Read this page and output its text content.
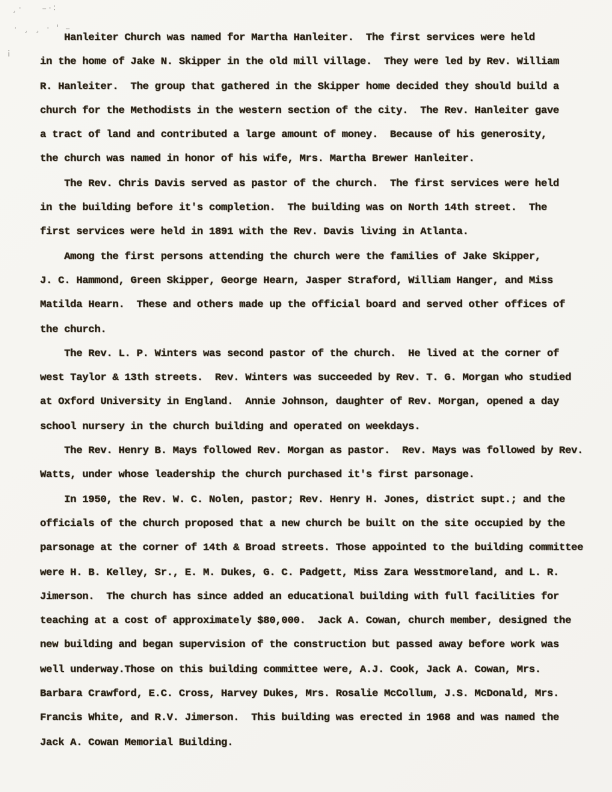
¸· –·∶
· ¸ ¸ · ' –
¡
Hanleiter Church was named for Martha Hanleiter.  The first services were held
in the home of Jake N. Skipper in the old mill village.  They were led by Rev. William
R. Hanleiter.  The group that gathered in the Skipper home decided they should build a
church for the Methodists in the western section of the city.  The Rev. Hanleiter gave
a tract of land and contributed a large amount of money.  Because of his generosity,
the church was named in honor of his wife, Mrs. Martha Brewer Hanleiter.
The Rev. Chris Davis served as pastor of the church.  The first services were held
in the building before it's completion.  The building was on North 14th street.  The
first services were held in 1891 with the Rev. Davis living in Atlanta.
Among the first persons attending the church were the families of Jake Skipper,
J. C. Hammond, Green Skipper, George Hearn, Jasper Straford, William Hanger, and Miss
Matilda Hearn.  These and others made up the official board and served other offices of
the church.
The Rev. L. P. Winters was second pastor of the church.  He lived at the corner of
west Taylor & 13th streets.  Rev. Winters was succeeded by Rev. T. G. Morgan who studied
at Oxford University in England.  Annie Johnson, daughter of Rev. Morgan, opened a day
school nursery in the church building and operated on weekdays.
The Rev. Henry B. Mays followed Rev. Morgan as pastor.  Rev. Mays was followed by Rev.
Watts, under whose leadership the church purchased it's first parsonage.
In 1950, the Rev. W. C. Nolen, pastor; Rev. Henry H. Jones, district supt.; and the
officials of the church proposed that a new church be built on the site occupied by the
parsonage at the corner of 14th & Broad streets. Those appointed to the building committee
were H. B. Kelley, Sr., E. M. Dukes, G. C. Padgett, Miss Zara Wesstmoreland, and L. R.
Jimerson.  The church has since added an educational building with full facilities for
teaching at a cost of approximately $80,000.  Jack A. Cowan, church member, designed the
new building and began supervision of the construction but passed away before work was
well underway.Those on this building committee were, A.J. Cook, Jack A. Cowan, Mrs.
Barbara Crawford, E.C. Cross, Harvey Dukes, Mrs. Rosalie McCollum, J.S. McDonald, Mrs.
Francis White, and R.V. Jimerson.  This building was erected in 1968 and was named the
Jack A. Cowan Memorial Building.
